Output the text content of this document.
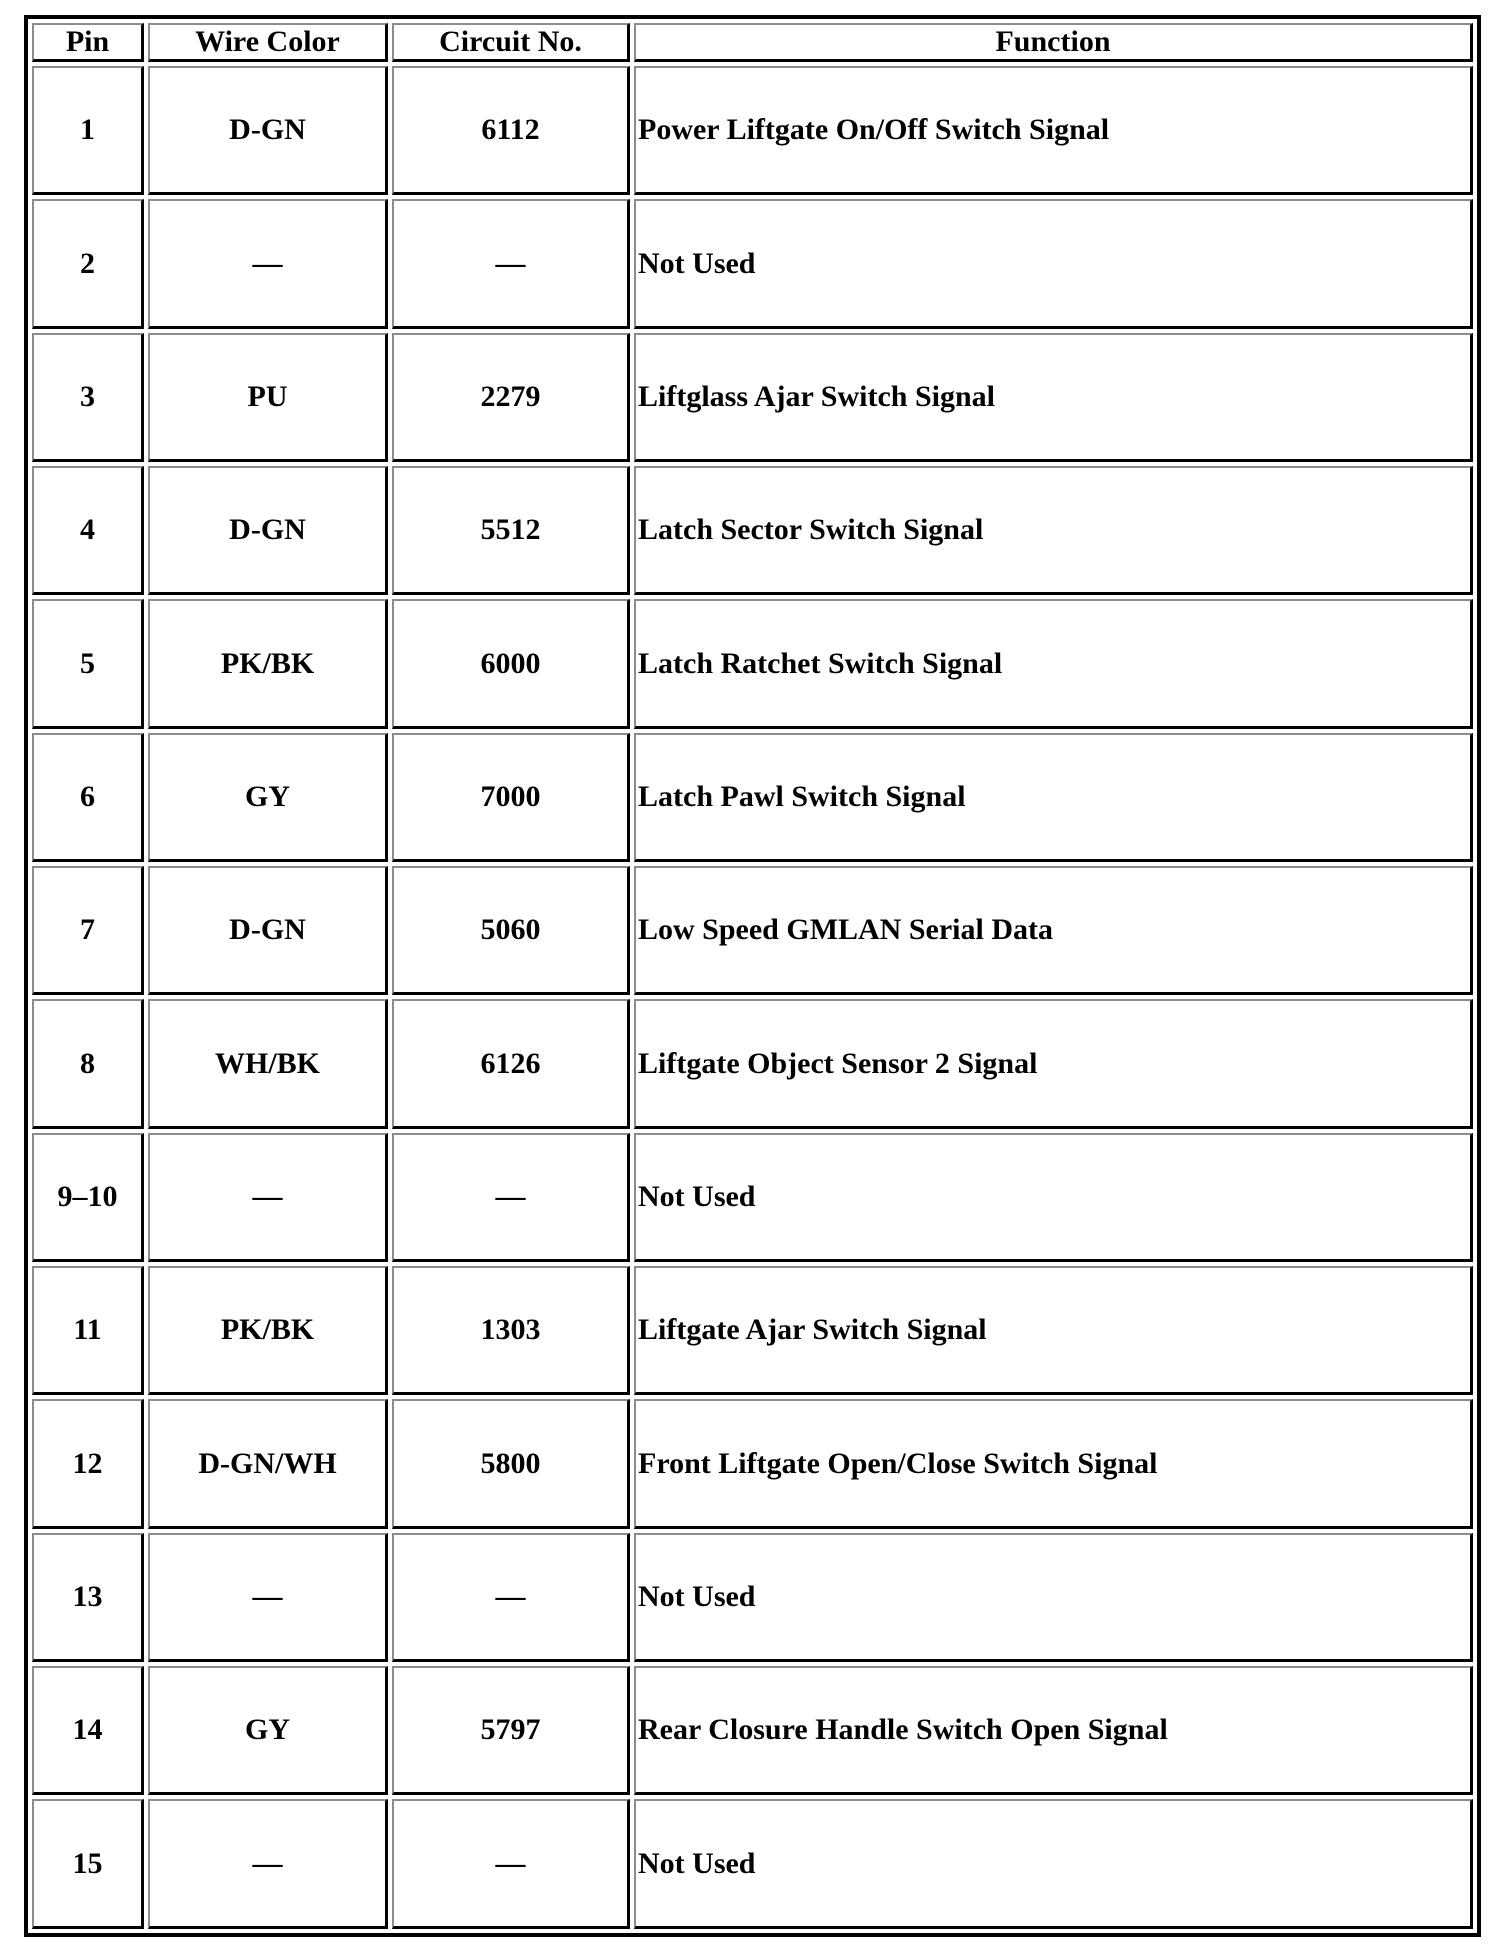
Pin	Wire Color	Circuit No.	Function
1	D-GN	6112	Power Liftgate On/Off Switch Signal
2	—	—	Not Used
3	PU	2279	Liftglass Ajar Switch Signal
4	D-GN	5512	Latch Sector Switch Signal
5	PK/BK	6000	Latch Ratchet Switch Signal
6	GY	7000	Latch Pawl Switch Signal
7	D-GN	5060	Low Speed GMLAN Serial Data
8	WH/BK	6126	Liftgate Object Sensor 2 Signal
9–10	—	—	Not Used
11	PK/BK	1303	Liftgate Ajar Switch Signal
12	D-GN/WH	5800	Front Liftgate Open/Close Switch Signal
13	—	—	Not Used
14	GY	5797	Rear Closure Handle Switch Open Signal
15	—	—	Not Used
